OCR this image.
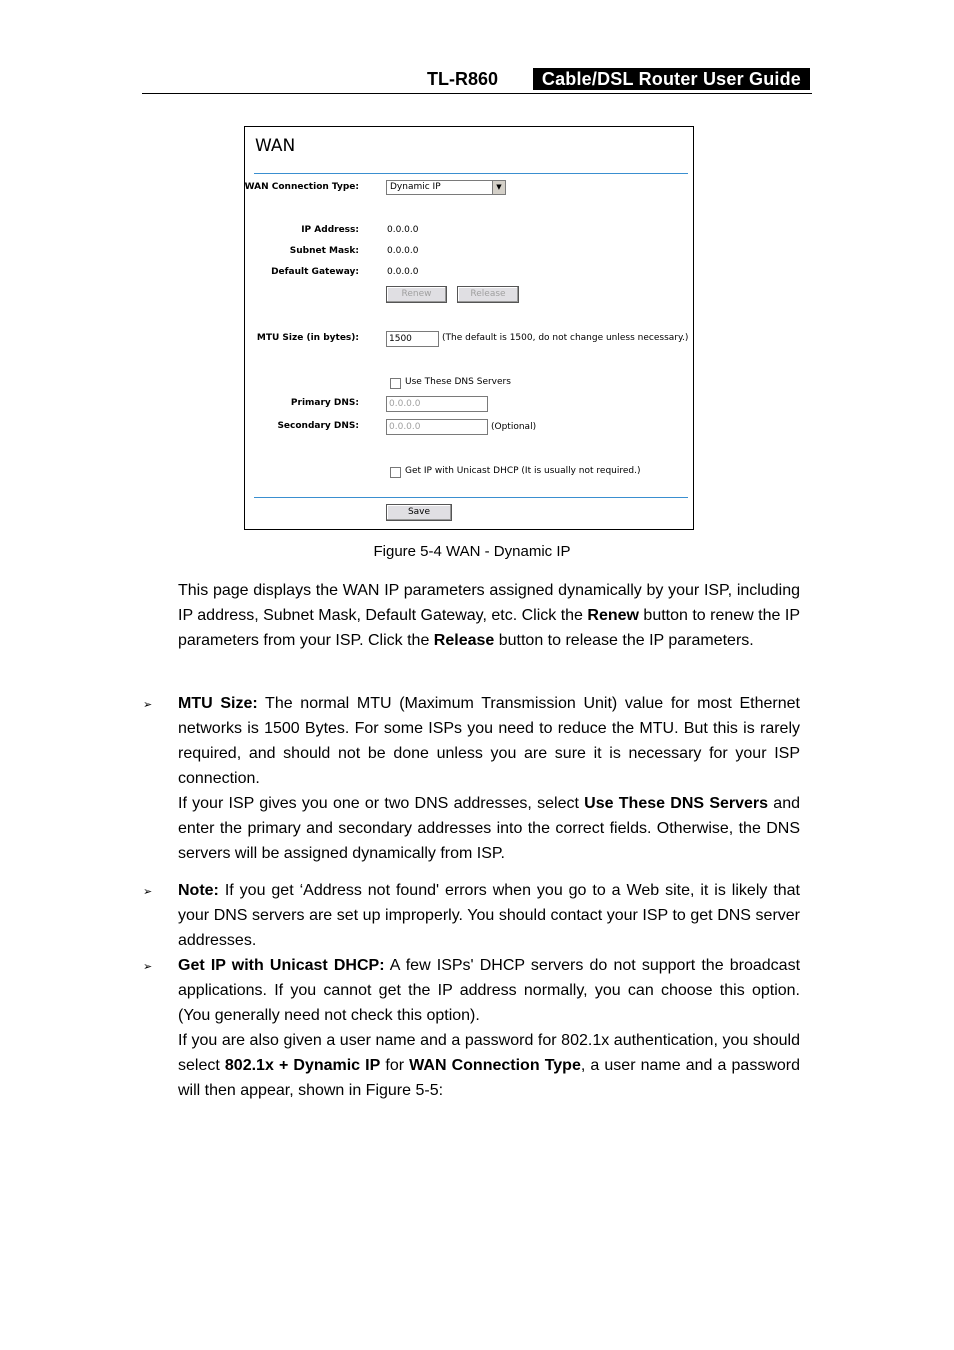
TL-R860	Cable/DSL Router User Guide
WAN
WAN Connection Type:	Dynamic IP	▼
IP Address:	0.0.0.0
Subnet Mask:	0.0.0.0
Default Gateway:	0.0.0.0
Renew	Release
MTU Size (in bytes):	1500	(The default is 1500, do not change unless necessary.)
Use These DNS Servers
Primary DNS:	0.0.0.0
Secondary DNS:	0.0.0.0	(Optional)
Get IP with Unicast DHCP (It is usually not required.)
Save
Figure 5-4 WAN - Dynamic IP
This page displays the WAN IP parameters assigned dynamically by your ISP, including IP address, Subnet Mask, Default Gateway, etc. Click the Renew button to renew the IP parameters from your ISP. Click the Release button to release the IP parameters.
➢ MTU Size: The normal MTU (Maximum Transmission Unit) value for most Ethernet networks is 1500 Bytes. For some ISPs you need to reduce the MTU. But this is rarely required, and should not be done unless you are sure it is necessary for your ISP connection.
If your ISP gives you one or two DNS addresses, select Use These DNS Servers and enter the primary and secondary addresses into the correct fields. Otherwise, the DNS servers will be assigned dynamically from ISP.
➢ Note: If you get ‘Address not found' errors when you go to a Web site, it is likely that your DNS servers are set up improperly. You should contact your ISP to get DNS server addresses.
➢ Get IP with Unicast DHCP: A few ISPs' DHCP servers do not support the broadcast applications. If you cannot get the IP address normally, you can choose this option. (You generally need not check this option).
If you are also given a user name and a password for 802.1x authentication, you should select 802.1x + Dynamic IP for WAN Connection Type, a user name and a password will then appear, shown in Figure 5-5:
